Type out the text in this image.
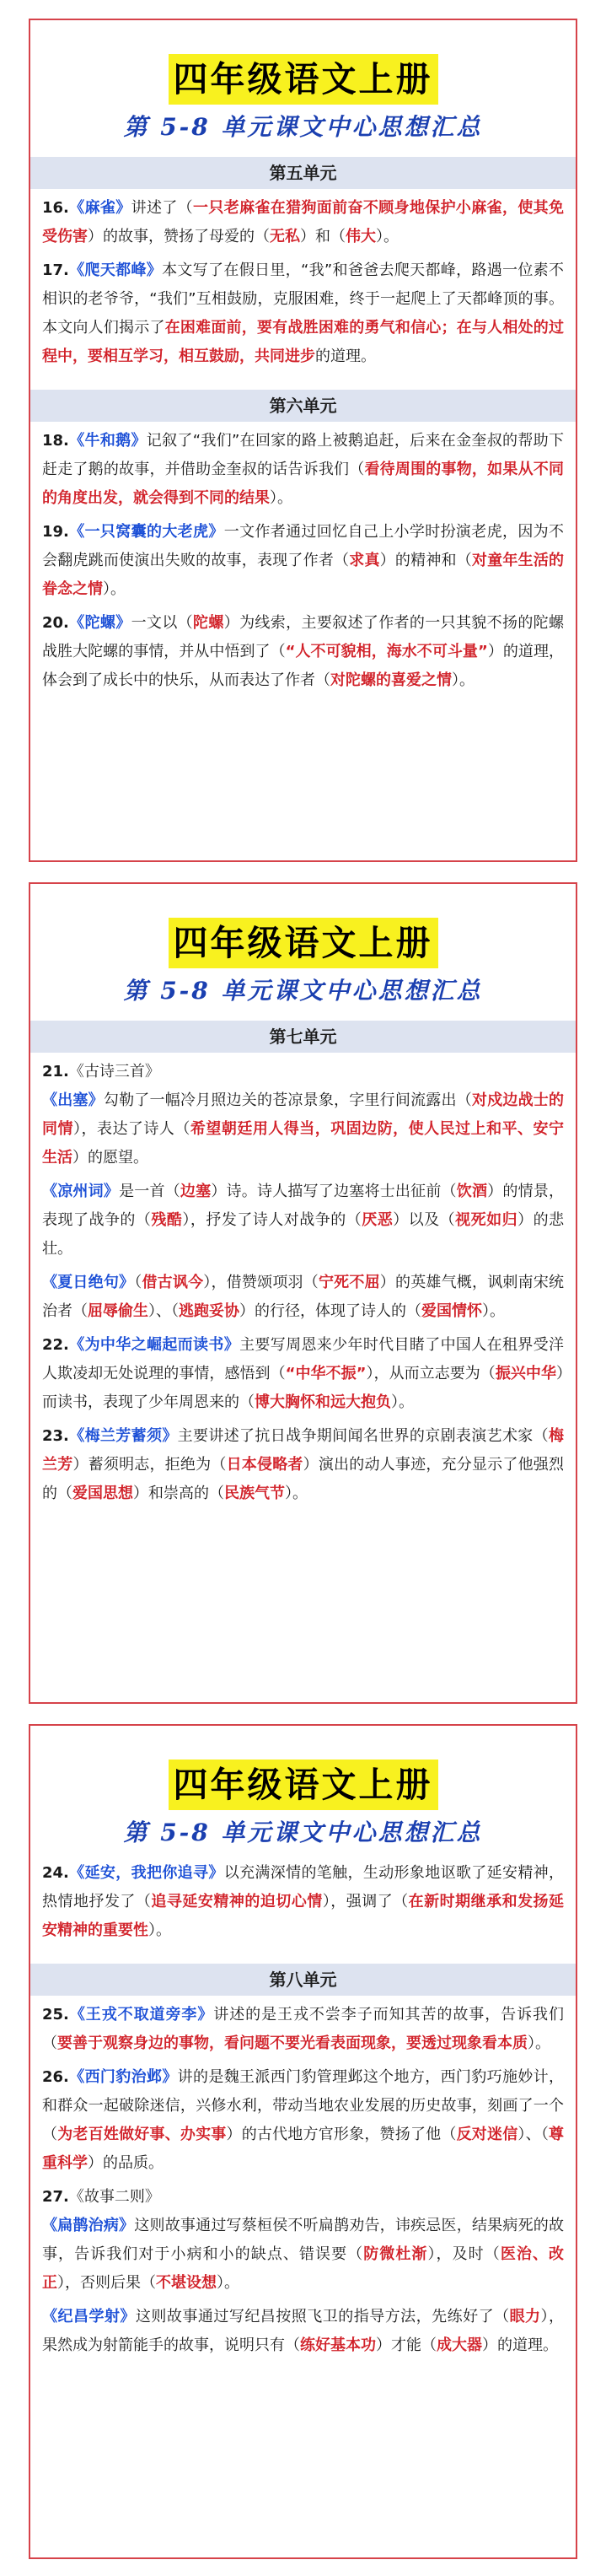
四年级语文上册
第 5-8 单元课文中心思想汇总
第五单元

16.《麻雀》讲述了（一只老麻雀在猎狗面前奋不顾身地保护小麻雀，使其免受伤害）的故事，赞扬了母爱的（无私）和（伟大）。

17.《爬天都峰》本文写了在假日里，“我”和爸爸去爬天都峰，路遇一位素不相识的老爷爷，“我们”互相鼓励，克服困难，终于一起爬上了天都峰顶的事。本文向人们揭示了在困难面前，要有战胜困难的勇气和信心；在与人相处的过程中，要相互学习，相互鼓励，共同进步的道理。

第六单元

18.《牛和鹅》记叙了“我们”在回家的路上被鹅追赶，后来在金奎叔的帮助下赶走了鹅的故事，并借助金奎叔的话告诉我们（看待周围的事物，如果从不同的角度出发，就会得到不同的结果）。

19.《一只窝囊的大老虎》一文作者通过回忆自己上小学时扮演老虎，因为不会翻虎跳而使演出失败的故事，表现了作者（求真）的精神和（对童年生活的眷念之情）。

20.《陀螺》一文以（陀螺）为线索，主要叙述了作者的一只其貌不扬的陀螺战胜大陀螺的事情，并从中悟到了（“人不可貌相，海水不可斗量”）的道理，体会到了成长中的快乐，从而表达了作者（对陀螺的喜爱之情）。

四年级语文上册
第 5-8 单元课文中心思想汇总
第七单元

21.《古诗三首》

《出塞》勾勒了一幅冷月照边关的苍凉景象，字里行间流露出（对戍边战士的同情），表达了诗人（希望朝廷用人得当，巩固边防，使人民过上和平、安宁生活）的愿望。

《凉州词》是一首（边塞）诗。诗人描写了边塞将士出征前（饮酒）的情景，表现了战争的（残酷），抒发了诗人对战争的（厌恶）以及（视死如归）的悲壮。

《夏日绝句》（借古讽今），借赞颂项羽（宁死不屈）的英雄气概，讽刺南宋统治者（屈辱偷生）、（逃跑妥协）的行径，体现了诗人的（爱国情怀）。

22.《为中华之崛起而读书》主要写周恩来少年时代目睹了中国人在租界受洋人欺凌却无处说理的事情，感悟到（“中华不振”），从而立志要为（振兴中华）而读书，表现了少年周恩来的（博大胸怀和远大抱负）。

23.《梅兰芳蓄须》主要讲述了抗日战争期间闻名世界的京剧表演艺术家（梅兰芳）蓄须明志，拒绝为（日本侵略者）演出的动人事迹，充分显示了他强烈的（爱国思想）和崇高的（民族气节）。

四年级语文上册
第 5-8 单元课文中心思想汇总

24.《延安，我把你追寻》以充满深情的笔触，生动形象地讴歌了延安精神，热情地抒发了（追寻延安精神的迫切心情），强调了（在新时期继承和发扬延安精神的重要性）。

第八单元

25.《王戎不取道旁李》讲述的是王戎不尝李子而知其苦的故事，告诉我们（要善于观察身边的事物，看问题不要光看表面现象，要透过现象看本质）。

26.《西门豹治邺》讲的是魏王派西门豹管理邺这个地方，西门豹巧施妙计，和群众一起破除迷信，兴修水利，带动当地农业发展的历史故事，刻画了一个（为老百姓做好事、办实事）的古代地方官形象，赞扬了他（反对迷信）、（尊重科学）的品质。

27.《故事二则》

《扁鹊治病》这则故事通过写蔡桓侯不听扁鹊劝告，讳疾忌医，结果病死的故事，告诉我们对于小病和小的缺点、错误要（防微杜渐），及时（医治、改正），否则后果（不堪设想）。

《纪昌学射》这则故事通过写纪昌按照飞卫的指导方法，先练好了（眼力），果然成为射箭能手的故事，说明只有（练好基本功）才能（成大器）的道理。
